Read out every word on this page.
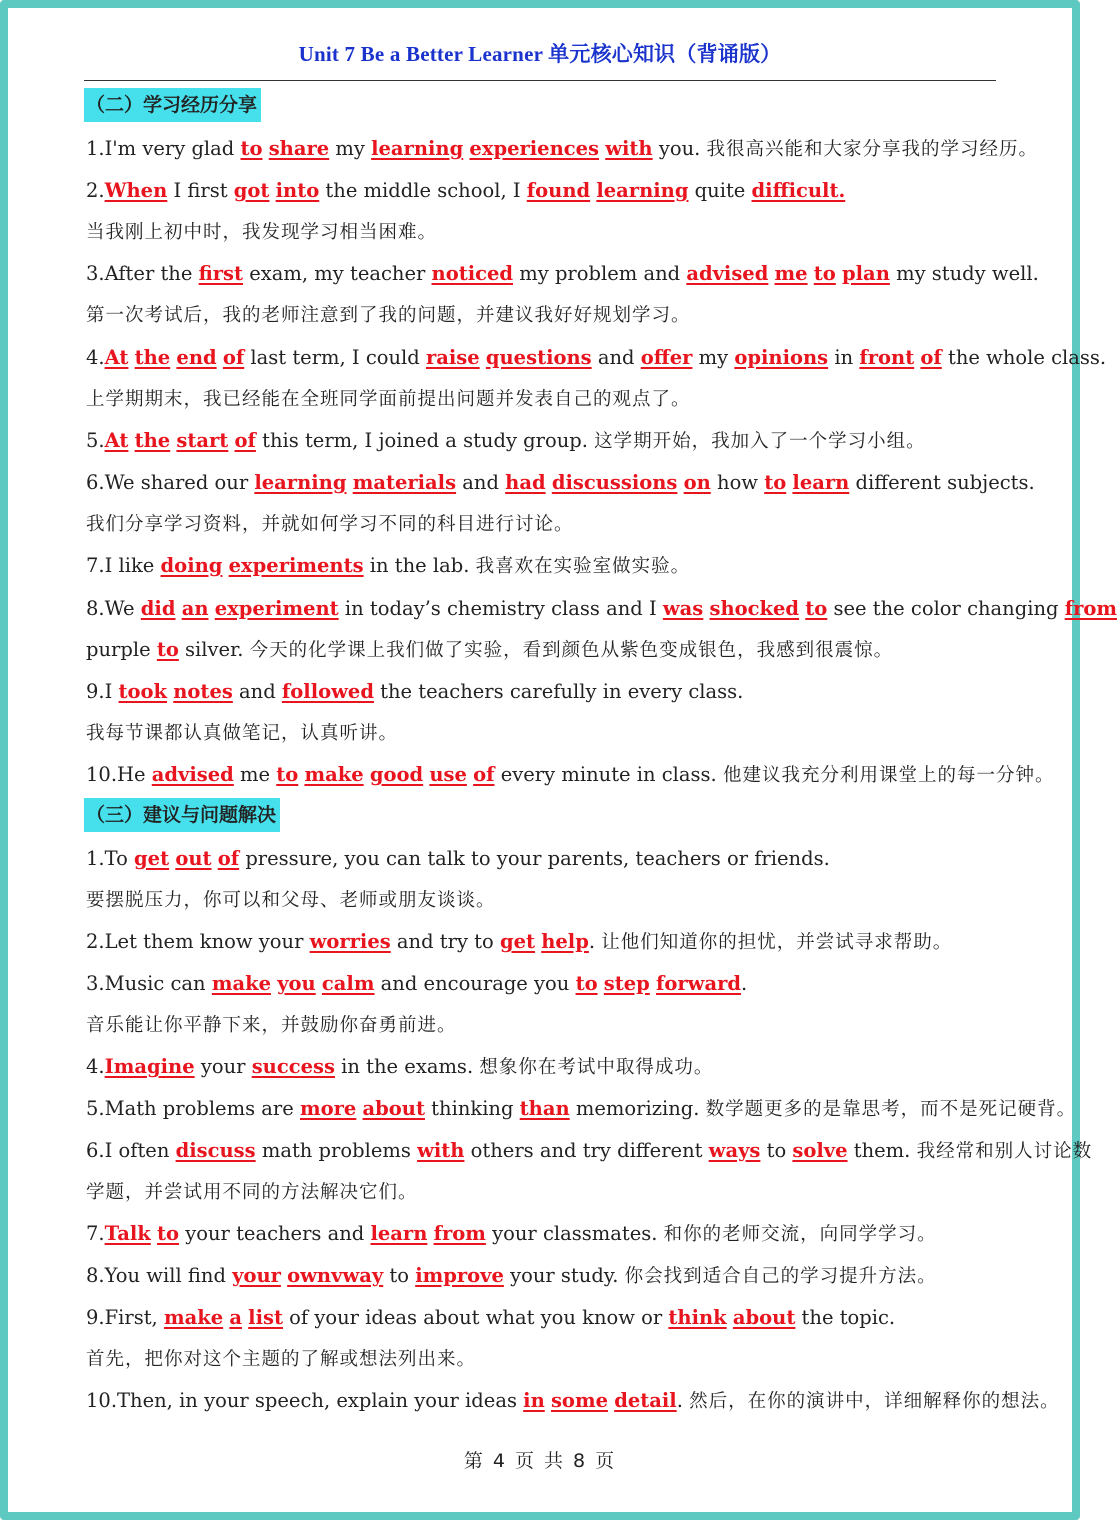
Unit 7 Be a Better Learner 单元核心知识（背诵版）
（二）学习经历分享
1.I'm very glad to share my learning experiences with you. 我很高兴能和大家分享我的学习经历。
2.When I first got into the middle school, I found learning quite difficult.
当我刚上初中时，我发现学习相当困难。
3.After the first exam, my teacher noticed my problem and advised me to plan my study well.
第一次考试后，我的老师注意到了我的问题，并建议我好好规划学习。
4.At the end of last term, I could raise questions and offer my opinions in front of the whole class.
上学期期末，我已经能在全班同学面前提出问题并发表自己的观点了。
5.At the start of this term, I joined a study group. 这学期开始，我加入了一个学习小组。
6.We shared our learning materials and had discussions on how to learn different subjects.
我们分享学习资料，并就如何学习不同的科目进行讨论。
7.I like doing experiments in the lab. 我喜欢在实验室做实验。
8.We did an experiment in today’s chemistry class and I was shocked to see the color changing from
purple to silver. 今天的化学课上我们做了实验，看到颜色从紫色变成银色，我感到很震惊。
9.I took notes and followed the teachers carefully in every class.
我每节课都认真做笔记，认真听讲。
10.He advised me to make good use of every minute in class. 他建议我充分利用课堂上的每一分钟。
（三）建议与问题解决
1.To get out of pressure, you can talk to your parents, teachers or friends.
要摆脱压力，你可以和父母、老师或朋友谈谈。
2.Let them know your worries and try to get help. 让他们知道你的担忧，并尝试寻求帮助。
3.Music can make you calm and encourage you to step forward.
音乐能让你平静下来，并鼓励你奋勇前进。
4.Imagine your success in the exams. 想象你在考试中取得成功。
5.Math problems are more about thinking than memorizing. 数学题更多的是靠思考，而不是死记硬背。
6.I often discuss math problems with others and try different ways to solve them. 我经常和别人讨论数
学题，并尝试用不同的方法解决它们。
7.Talk to your teachers and learn from your classmates. 和你的老师交流，向同学学习。
8.You will find your ownvway to improve your study. 你会找到适合自己的学习提升方法。
9.First, make a list of your ideas about what you know or think about the topic.
首先，把你对这个主题的了解或想法列出来。
10.Then, in your speech, explain your ideas in some detail. 然后，在你的演讲中，详细解释你的想法。
第 4 页 共 8 页
